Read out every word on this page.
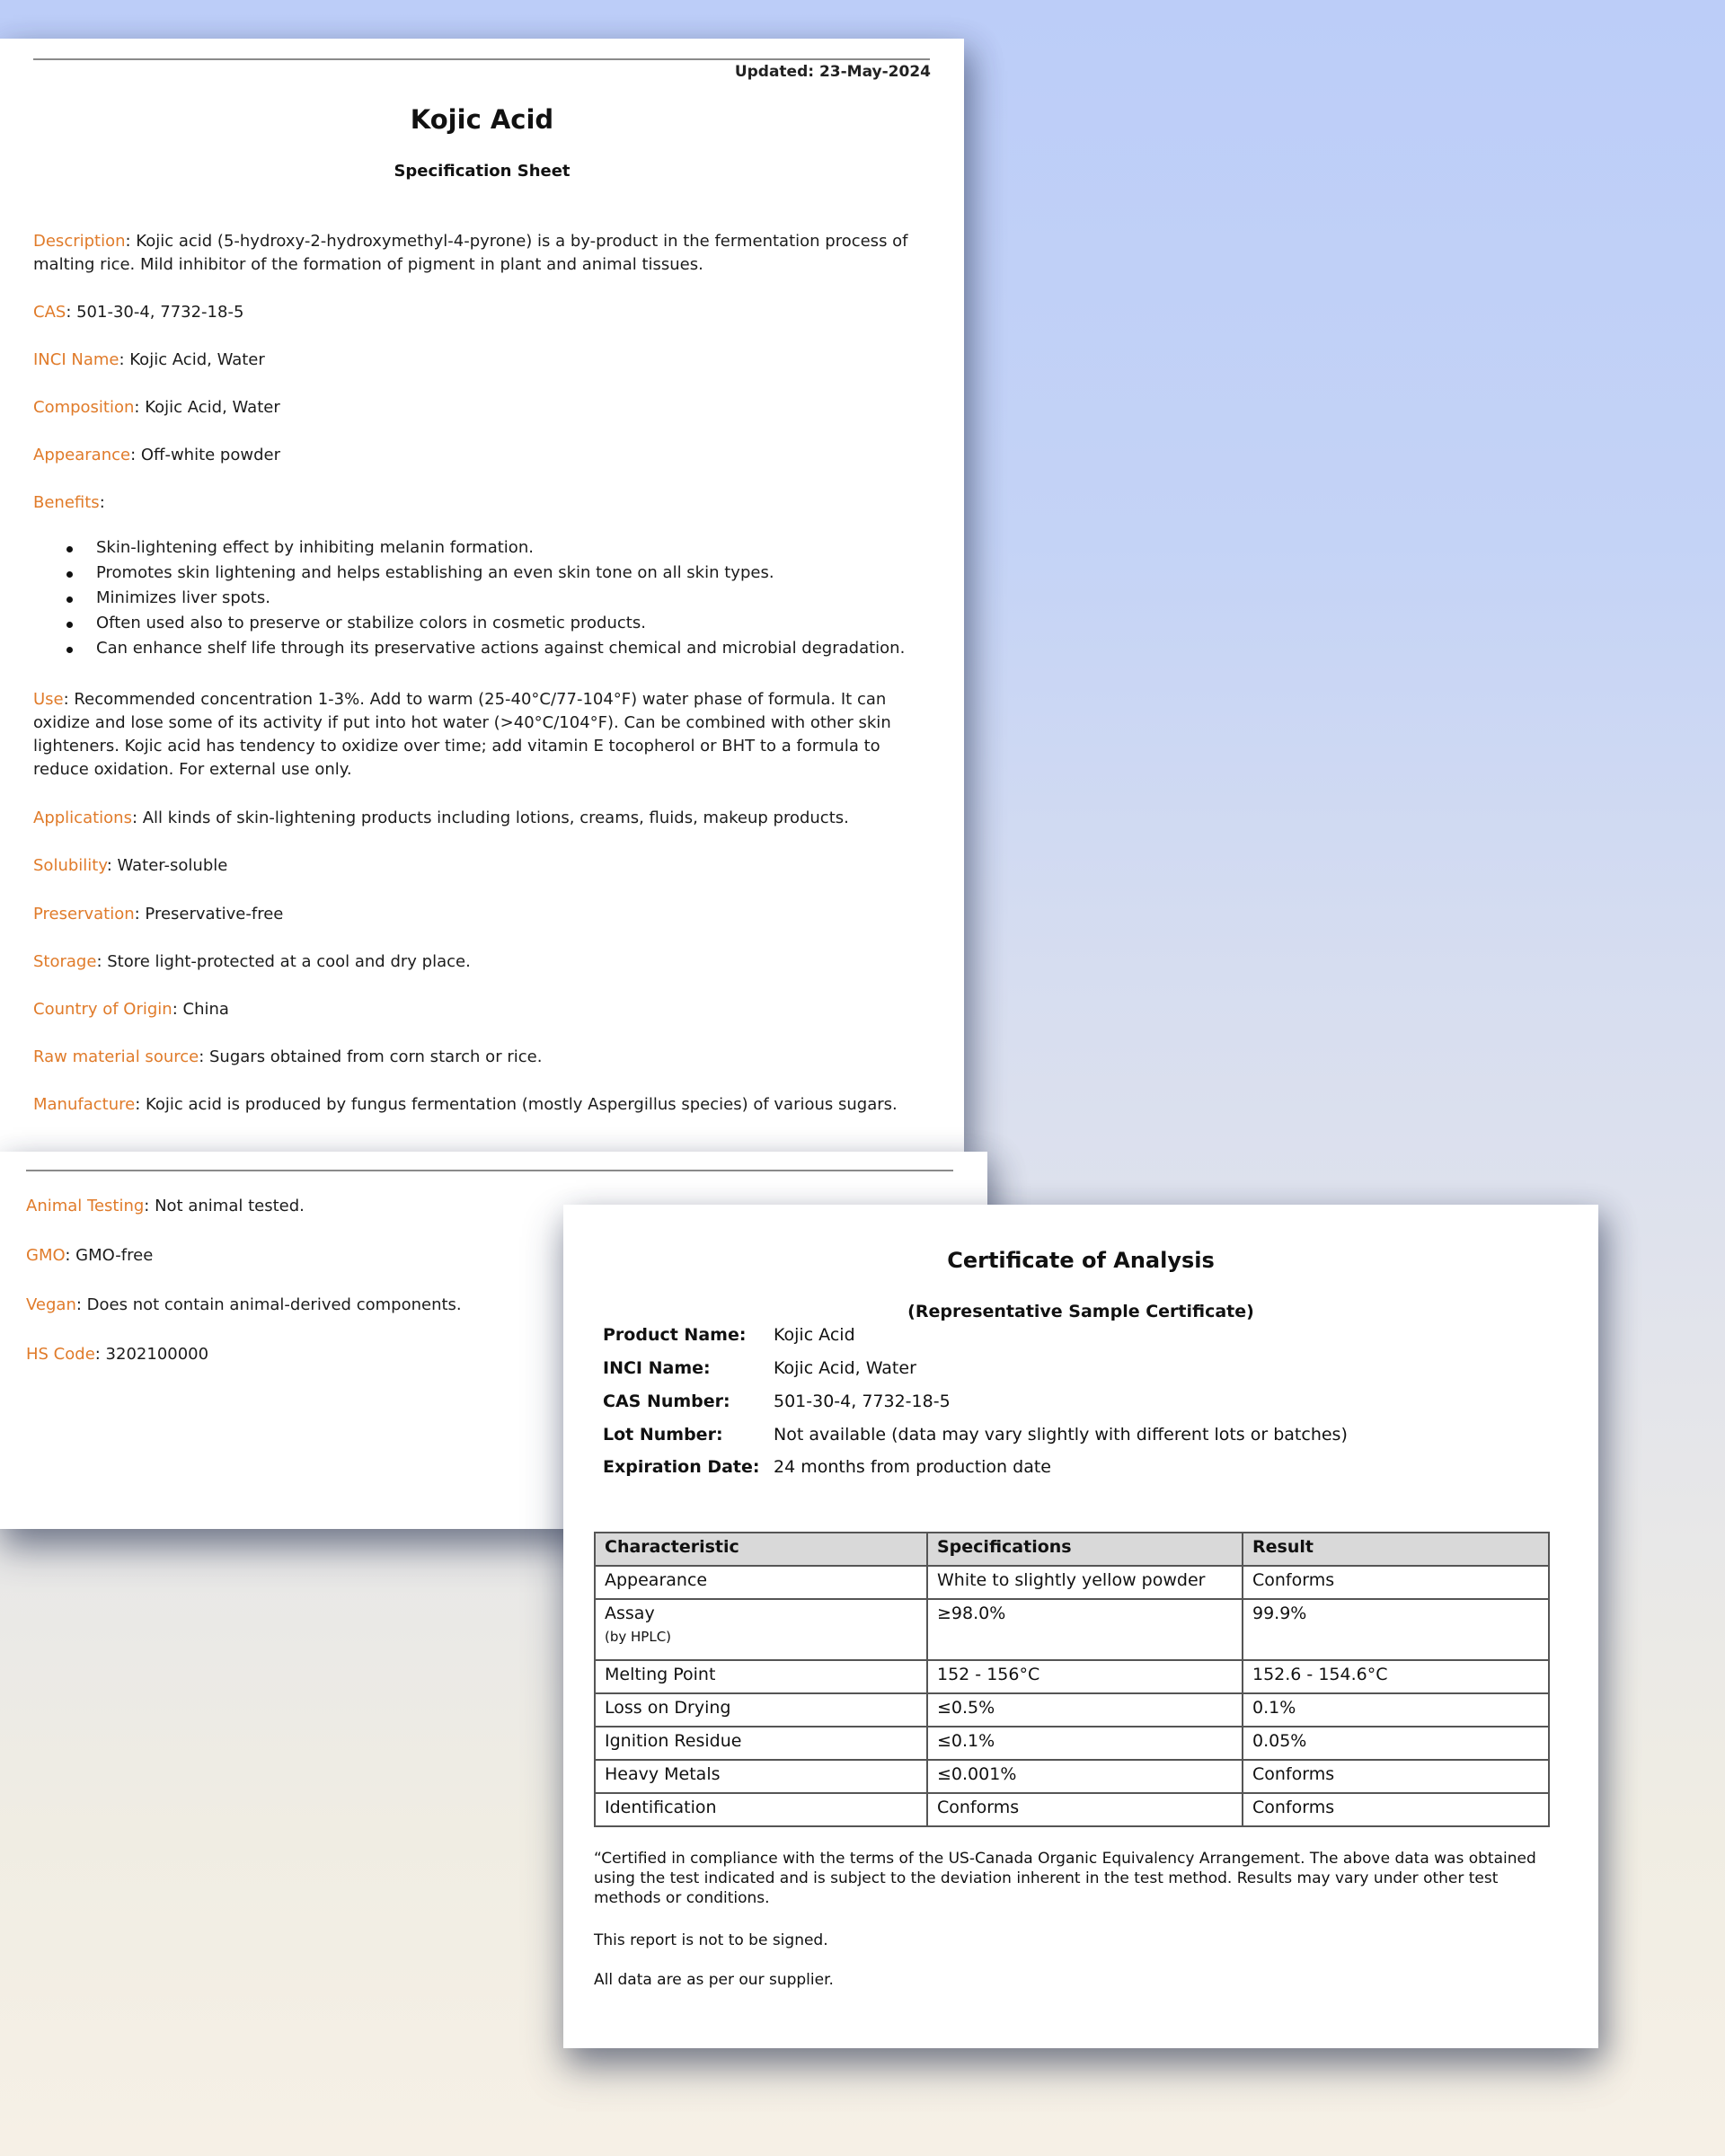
Updated: 23-May-2024
Kojic Acid
Specification Sheet
Description: Kojic acid (5-hydroxy-2-hydroxymethyl-4-pyrone) is a by-product in the fermentation process of malting rice. Mild inhibitor of the formation of pigment in plant and animal tissues.
CAS: 501-30-4, 7732-18-5
INCI Name: Kojic Acid, Water
Composition: Kojic Acid, Water
Appearance: Off-white powder
Benefits:
Skin-lightening effect by inhibiting melanin formation.
Promotes skin lightening and helps establishing an even skin tone on all skin types.
Minimizes liver spots.
Often used also to preserve or stabilize colors in cosmetic products.
Can enhance shelf life through its preservative actions against chemical and microbial degradation.
Use: Recommended concentration 1-3%. Add to warm (25-40°C/77-104°F) water phase of formula. It can oxidize and lose some of its activity if put into hot water (>40°C/104°F). Can be combined with other skin lighteners. Kojic acid has tendency to oxidize over time; add vitamin E tocopherol or BHT to a formula to reduce oxidation. For external use only.
Applications: All kinds of skin-lightening products including lotions, creams, fluids, makeup products.
Solubility: Water-soluble
Preservation: Preservative-free
Storage: Store light-protected at a cool and dry place.
Country of Origin: China
Raw material source: Sugars obtained from corn starch or rice.
Manufacture: Kojic acid is produced by fungus fermentation (mostly Aspergillus species) of various sugars.
Animal Testing: Not animal tested.
GMO: GMO-free
Vegan: Does not contain animal-derived components.
HS Code: 3202100000
Certificate of Analysis
(Representative Sample Certificate)
Product Name:	Kojic Acid
INCI Name:	Kojic Acid, Water
CAS Number:	501-30-4, 7732-18-5
Lot Number:	Not available (data may vary slightly with different lots or batches)
Expiration Date: 24 months from production date
Characteristic	Specifications	Result
Appearance	White to slightly yellow powder	Conforms
Assay
(by HPLC)	≥98.0%	99.9%
Melting Point	152 - 156°C	152.6 - 154.6°C
Loss on Drying	≤0.5%	0.1%
Ignition Residue	≤0.1%	0.05%
Heavy Metals	≤0.001%	Conforms
Identification	Conforms	Conforms
“Certified in compliance with the terms of the US-Canada Organic Equivalency Arrangement. The above data was obtained using the test indicated and is subject to the deviation inherent in the test method. Results may vary under other test methods or conditions.
This report is not to be signed.
All data are as per our supplier.
